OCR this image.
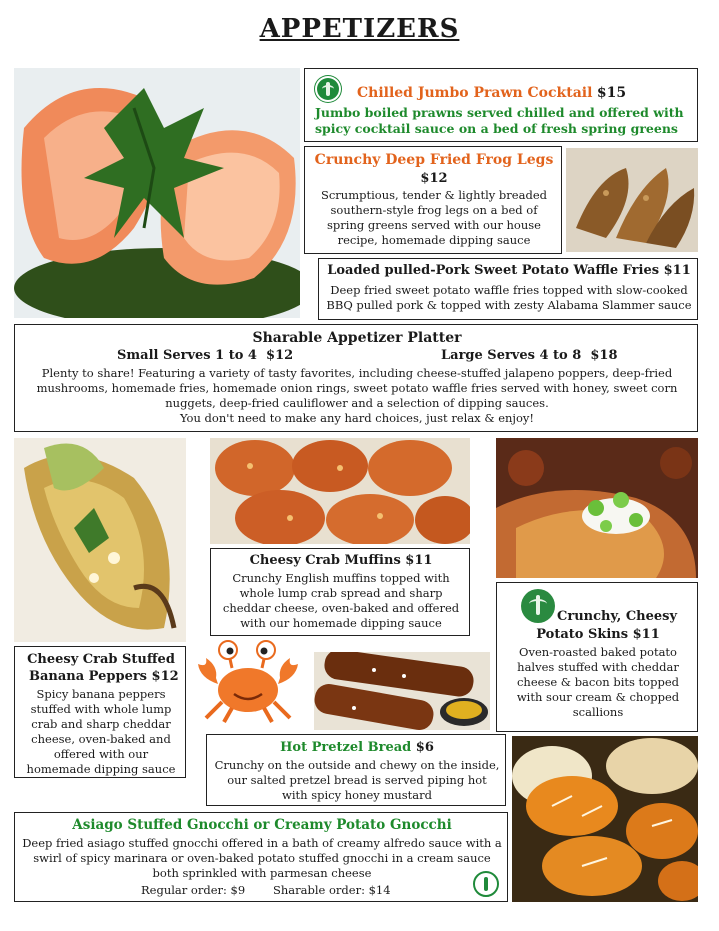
APPETIZERS
Chilled Jumbo Prawn Cocktail $15
Jumbo boiled prawns served chilled and offered with spicy cocktail sauce on a bed of fresh spring greens
Crunchy Deep Fried Frog Legs
$12
Scrumptious, tender & lightly breaded southern-style frog legs on a bed of spring greens served with our house recipe, homemade dipping sauce
Loaded pulled-Pork Sweet Potato Waffle Fries $11
Deep fried sweet potato waffle fries topped with slow-cooked BBQ pulled pork & topped with zesty Alabama Slammer sauce
Sharable Appetizer Platter
Small Serves 1 to 4  $12	Large Serves 4 to 8  $18
Plenty to share! Featuring a variety of tasty favorites, including cheese-stuffed jalapeno poppers, deep-fried mushrooms, homemade fries, homemade onion rings, sweet potato waffle fries served with honey, sweet corn nuggets, deep-fried cauliflower and a selection of dipping sauces.
You don't need to make any hard choices, just relax & enjoy!
Cheesy Crab Muffins $11
Crunchy English muffins topped with whole lump crab spread and sharp cheddar cheese, oven-baked and offered with our homemade dipping sauce	Crunchy, Cheesy
Potato Skins $11
Oven-roasted baked potato halves stuffed with cheddar cheese & bacon bits topped with sour cream & chopped scallions
Cheesy Crab Stuffed
Banana Peppers $12
Spicy banana peppers stuffed with whole lump crab and sharp cheddar cheese, oven-baked and offered with our homemade dipping sauce
Hot Pretzel Bread $6
Crunchy on the outside and chewy on the inside, our salted pretzel bread is served piping hot with spicy honey mustard
Asiago Stuffed Gnocchi or Creamy Potato Gnocchi
Deep fried asiago stuffed gnocchi offered in a bath of creamy alfredo sauce with a swirl of spicy marinara or oven-baked potato stuffed gnocchi in a cream sauce both sprinkled with parmesan cheese
Regular order: $9 Sharable order: $14
